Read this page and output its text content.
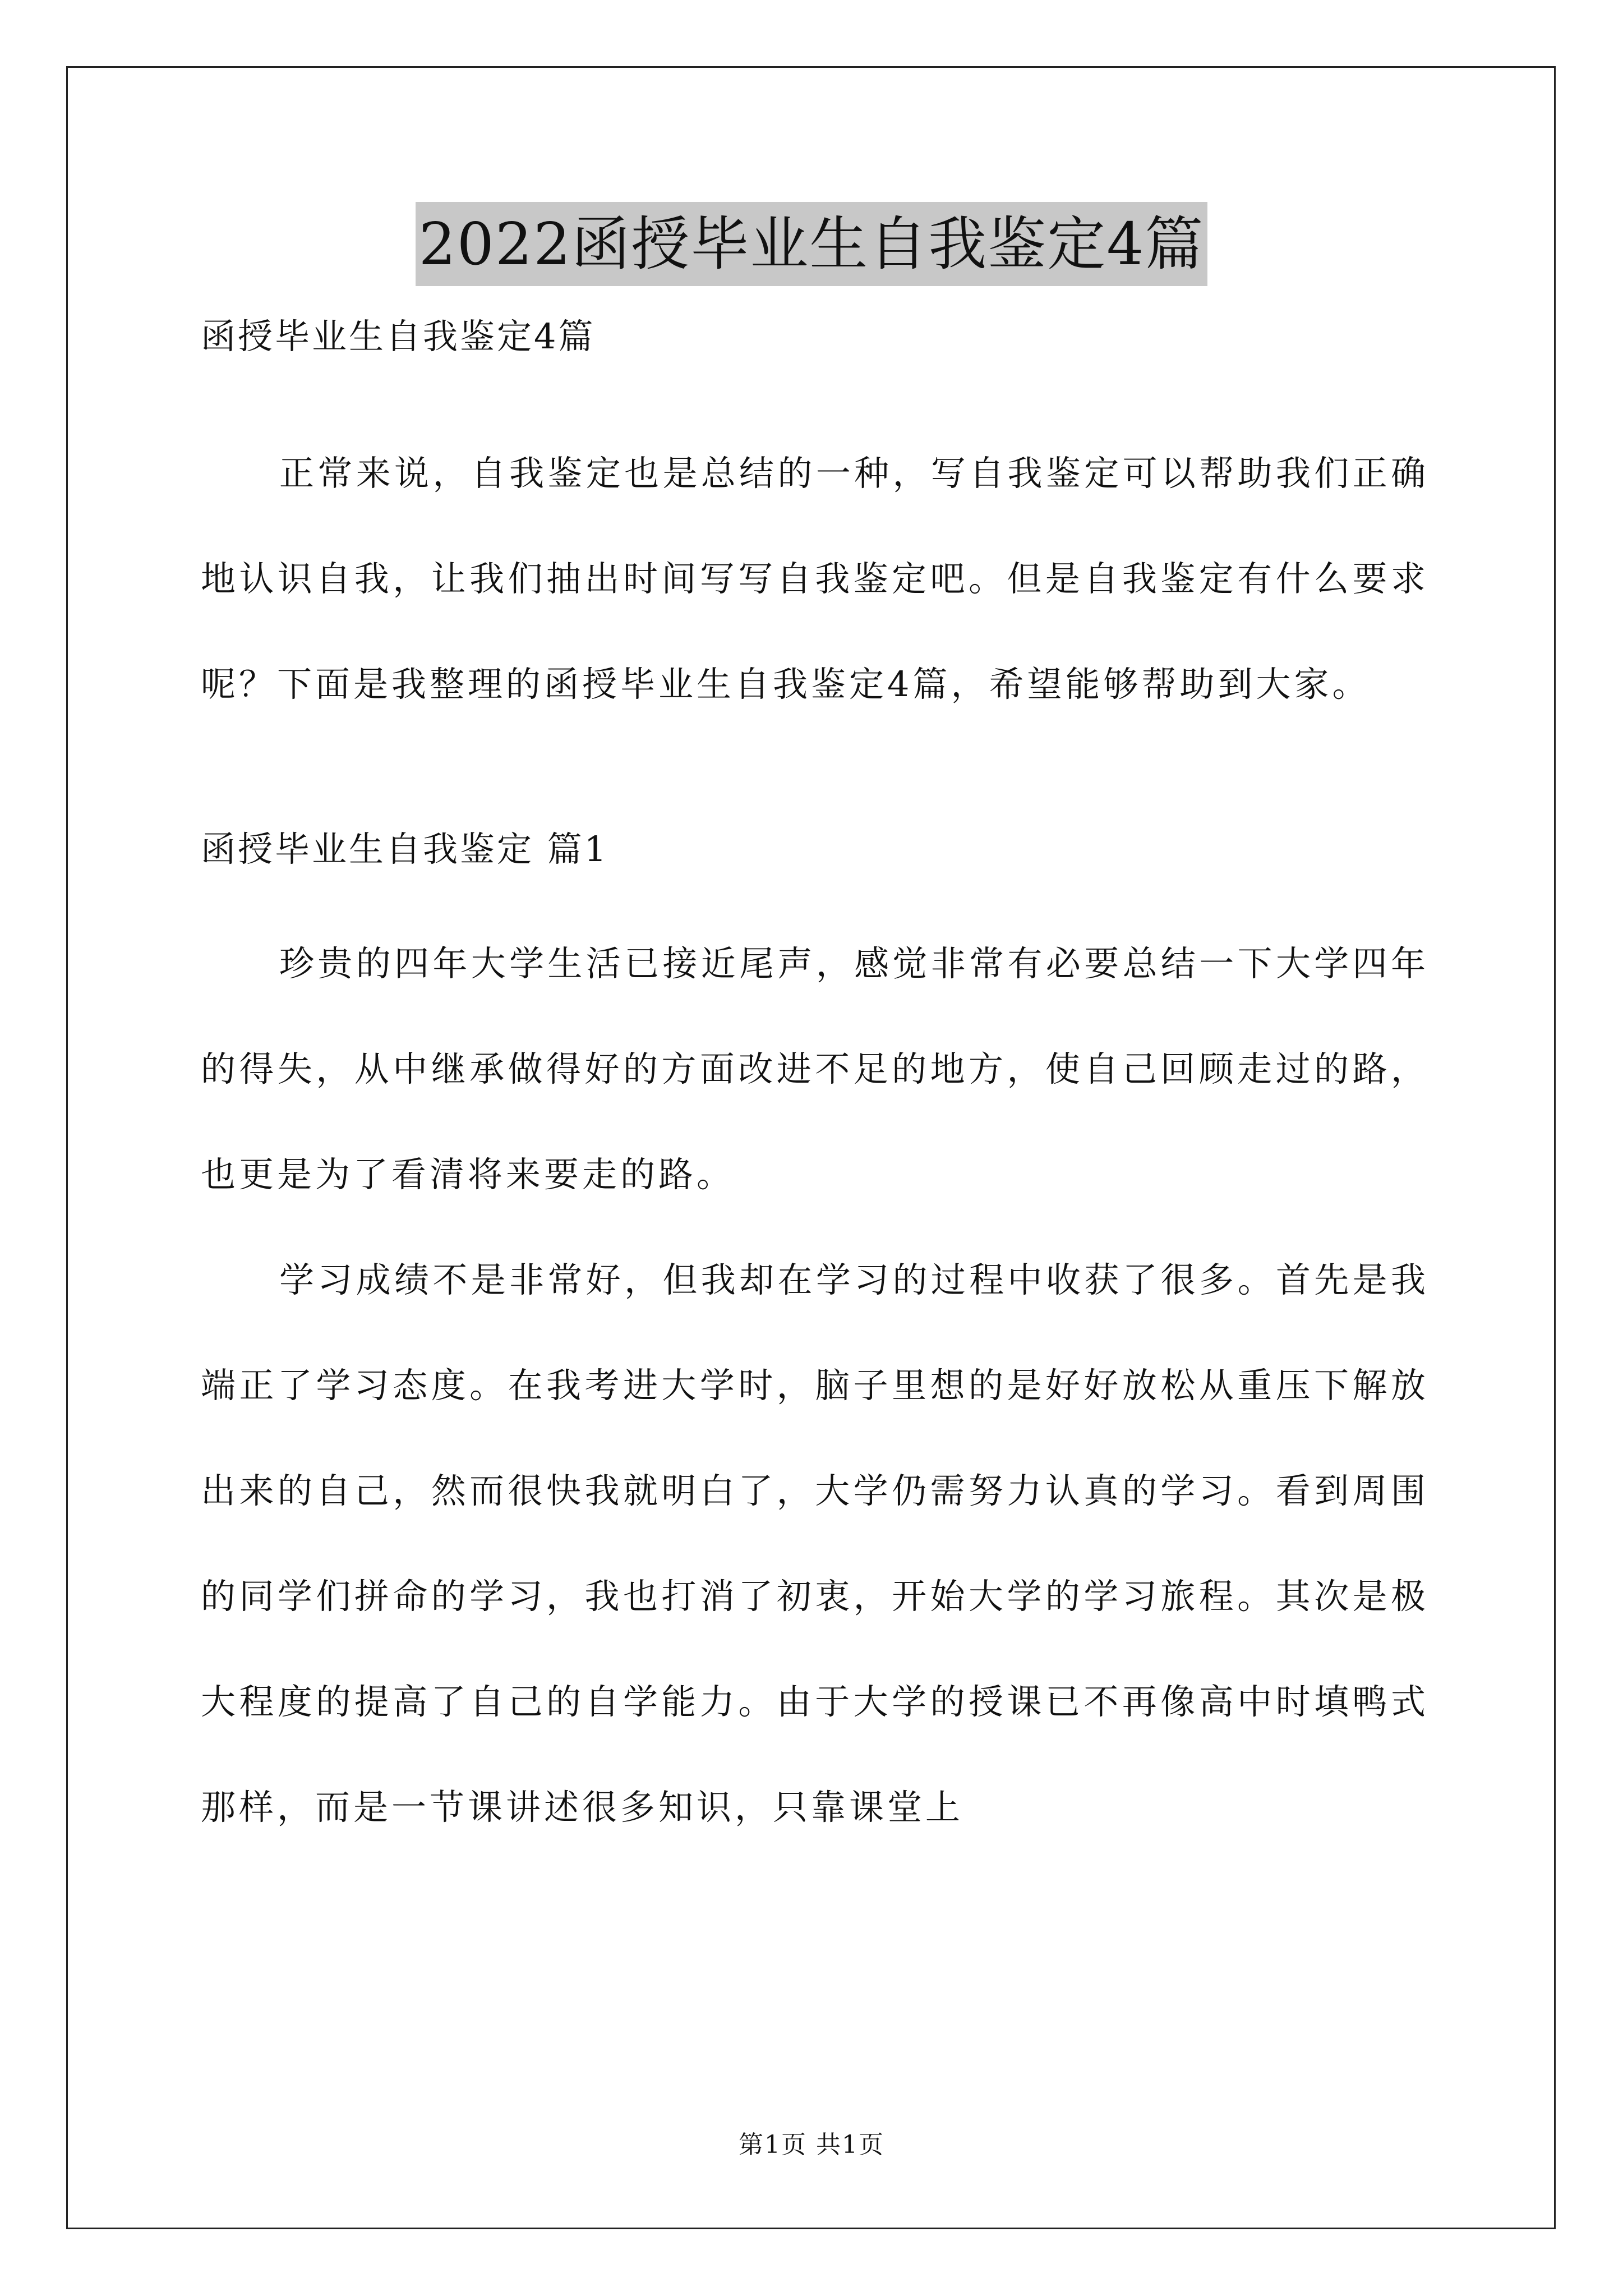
2022函授毕业生自我鉴定4篇

函授毕业生自我鉴定4篇

正常来说，自我鉴定也是总结的一种，写自我鉴定可以帮助我们正确地认识自我，让我们抽出时间写写自我鉴定吧。但是自我鉴定有什么要求呢？下面是我整理的函授毕业生自我鉴定4篇，希望能够帮助到大家。

函授毕业生自我鉴定 篇1

珍贵的四年大学生活已接近尾声，感觉非常有必要总结一下大学四年的得失，从中继承做得好的方面改进不足的地方，使自己回顾走过的路，也更是为了看清将来要走的路。

学习成绩不是非常好，但我却在学习的过程中收获了很多。首先是我端正了学习态度。在我考进大学时，脑子里想的是好好放松从重压下解放出来的自己，然而很快我就明白了，大学仍需努力认真的学习。看到周围的同学们拼命的学习，我也打消了初衷，开始大学的学习旅程。其次是极大程度的提高了自己的自学能力。由于大学的授课已不再像高中时填鸭式那样，而是一节课讲述很多知识，只靠课堂上

第1页 共1页
